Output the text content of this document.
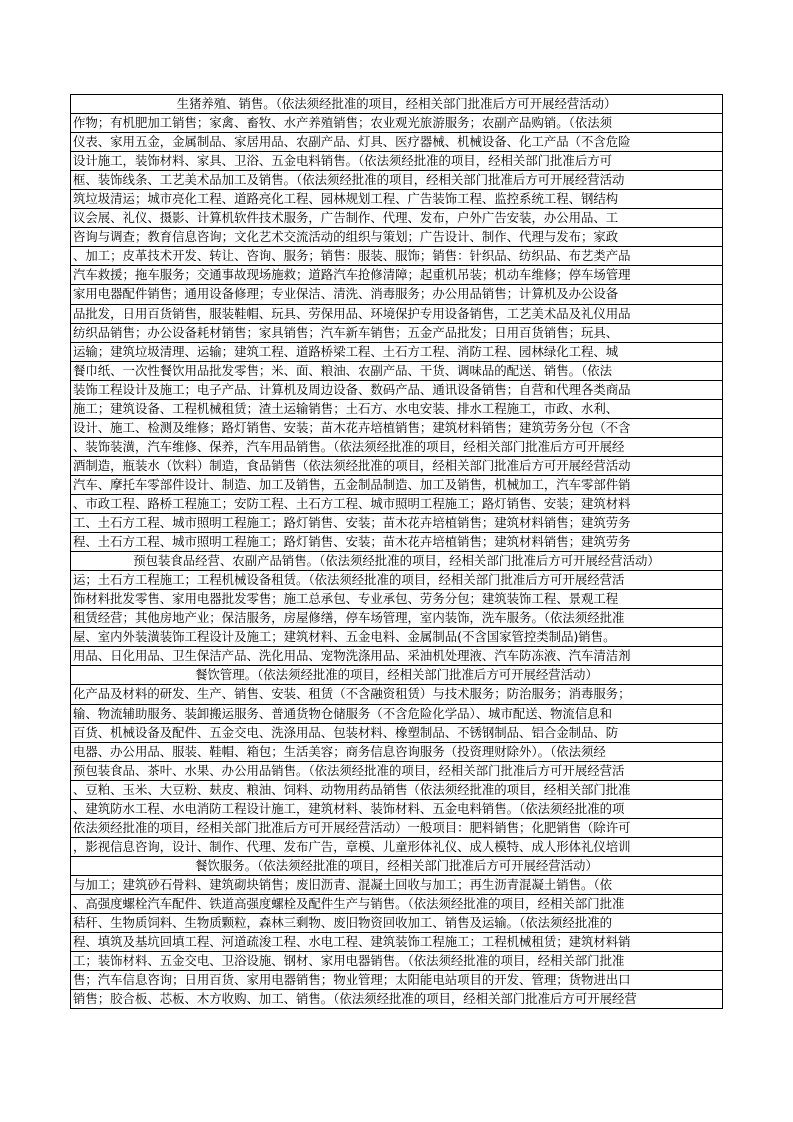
生猪养殖、销售。（依法须经批准的项目，经相关部门批准后方可开展经营活动）
作物；有机肥加工销售；家禽、畜牧、水产养殖销售；农业观光旅游服务；农副产品购销。（依法须
仪表、家用五金，金属制品、家居用品、农副产品、灯具、医疗器械、机械设备、化工产品（不含危险
设计施工，装饰材料、家具、卫浴、五金电料销售。（依法须经批准的项目，经相关部门批准后方可
框、装饰线条、工艺美术品加工及销售。（依法须经批准的项目，经相关部门批准后方可开展经营活动
筑垃圾清运；城市亮化工程、道路亮化工程、园林规划工程、广告装饰工程、监控系统工程、钢结构
议会展、礼仪、摄影、计算机软件技术服务，广告制作、代理、发布，户外广告安装，办公用品、工
咨询与调查；教育信息咨询；文化艺术交流活动的组织与策划；广告设计、制作、代理与发布；家政
、加工；皮革技术开发、转让、咨询、服务；销售：服装、服饰；销售：针织品、纺织品、布艺类产品
汽车救援；拖车服务；交通事故现场施救；道路汽车抢修清障；起重机吊装；机动车维修；停车场管理
家用电器配件销售；通用设备修理；专业保洁、清洗、消毒服务；办公用品销售；计算机及办公设备
品批发，日用百货销售，服装鞋帽、玩具、劳保用品、环境保护专用设备销售，工艺美术品及礼仪用品
纺织品销售；办公设备耗材销售；家具销售；汽车新车销售；五金产品批发；日用百货销售；玩具、
运输；建筑垃圾清理、运输；建筑工程、道路桥梁工程、土石方工程、消防工程、园林绿化工程、城
餐巾纸、一次性餐饮用品批发零售；米、面、粮油、农副产品、干货、调味品的配送、销售。（依法
装饰工程设计及施工；电子产品、计算机及周边设备、数码产品、通讯设备销售；自营和代理各类商品
施工；建筑设备、工程机械租赁；渣土运输销售；土石方、水电安装、排水工程施工，市政、水利、
设计、施工、检测及维修；路灯销售、安装；苗木花卉培植销售；建筑材料销售；建筑劳务分包（不含
、装饰装潢，汽车维修、保养，汽车用品销售。（依法须经批准的项目，经相关部门批准后方可开展经
酒制造，瓶装水（饮料）制造，食品销售（依法须经批准的项目，经相关部门批准后方可开展经营活动
汽车、摩托车零部件设计、制造、加工及销售，五金制品制造、加工及销售，机械加工，汽车零部件销
、市政工程、路桥工程施工；安防工程、土石方工程、城市照明工程施工；路灯销售、安装；建筑材料
工、土石方工程、城市照明工程施工；路灯销售、安装；苗木花卉培植销售；建筑材料销售；建筑劳务
程、土石方工程、城市照明工程施工；路灯销售、安装；苗木花卉培植销售；建筑材料销售；建筑劳务
预包装食品经营、农副产品销售。（依法须经批准的项目，经相关部门批准后方可开展经营活动）
运；土石方工程施工；工程机械设备租赁。（依法须经批准的项目，经相关部门批准后方可开展经营活
饰材料批发零售、家用电器批发零售；施工总承包、专业承包、劳务分包；建筑装饰工程、景观工程
租赁经营；其他房地产业；保洁服务，房屋修缮，停车场管理，室内装饰，洗车服务。（依法须经批准
屋、室内外装潢装饰工程设计及施工；建筑材料、五金电料、金属制品(不含国家管控类制品)销售。
用品、日化用品、卫生保洁产品、洗化用品、宠物洗涤用品、采油机处理液、汽车防冻液、汽车清洁剂
餐饮管理。（依法须经批准的项目，经相关部门批准后方可开展经营活动）
化产品及材料的研发、生产、销售、安装、租赁（不含融资租赁）与技术服务；防治服务；消毒服务；
输、物流辅助服务、装卸搬运服务、普通货物仓储服务（不含危险化学品）、城市配送、物流信息和
百货、机械设备及配件、五金交电、洗涤用品、包装材料、橡塑制品、不锈钢制品、铝合金制品、防
电器、办公用品、服装、鞋帽、箱包；生活美容；商务信息咨询服务（投资理财除外）。（依法须经
预包装食品、茶叶、水果、办公用品销售。（依法须经批准的项目，经相关部门批准后方可开展经营活
、豆粕、玉米、大豆粉、麸皮、粮油、饲料、动物用药品销售（依法须经批准的项目，经相关部门批准
、建筑防水工程、水电消防工程设计施工，建筑材料、装饰材料、五金电料销售。（依法须经批准的项
依法须经批准的项目，经相关部门批准后方可开展经营活动）一般项目：肥料销售；化肥销售（除许可
，影视信息咨询，设计、制作、代理、发布广告，章模、儿童形体礼仪、成人模特、成人形体礼仪培训
餐饮服务。（依法须经批准的项目，经相关部门批准后方可开展经营活动）
与加工；建筑砂石骨料、建筑砌块销售；废旧沥青、混凝土回收与加工；再生沥青混凝土销售。（依
、高强度螺栓汽车配件、铁道高强度螺栓及配件生产与销售。（依法须经批准的项目，经相关部门批准
秸秆、生物质饲料、生物质颗粒，森林三剩物、废旧物资回收加工、销售及运输。（依法须经批准的
程、填筑及基坑回填工程、河道疏浚工程、水电工程、建筑装饰工程施工；工程机械租赁；建筑材料销
工；装饰材料、五金交电、卫浴设施、钢材、家用电器销售。（依法须经批准的项目，经相关部门批准
售；汽车信息咨询；日用百货、家用电器销售；物业管理；太阳能电站项目的开发、管理；货物进出口
销售；胶合板、芯板、木方收购、加工、销售。（依法须经批准的项目，经相关部门批准后方可开展经营
